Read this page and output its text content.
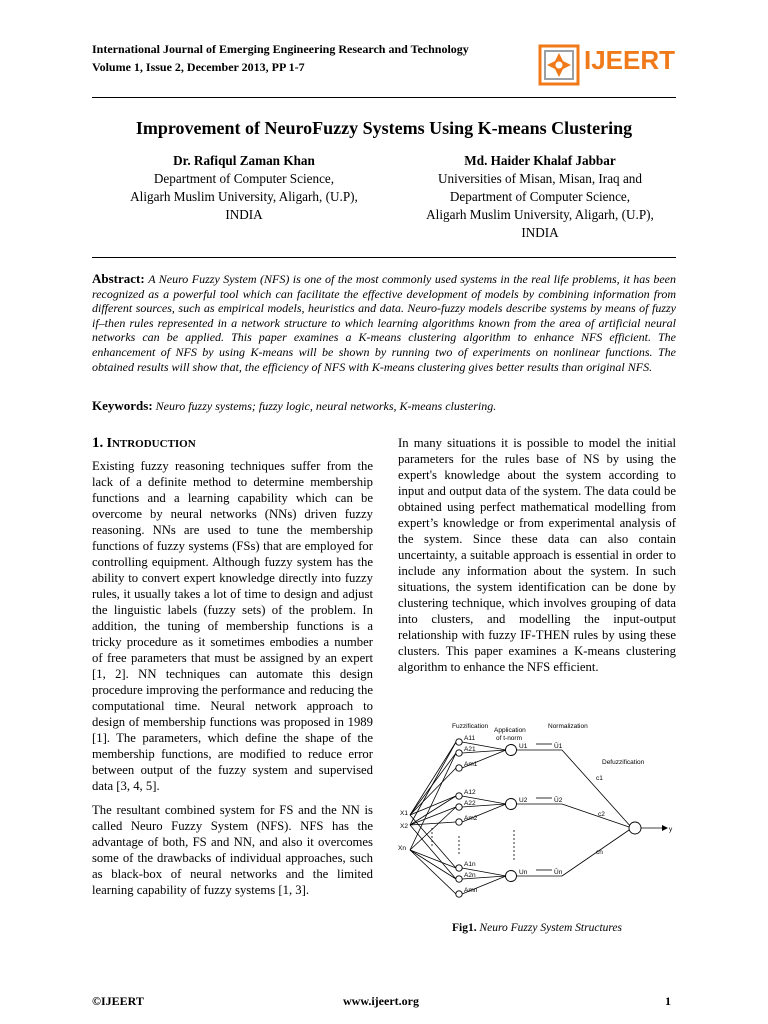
International Journal of Emerging Engineering Research and Technology
Volume 1, Issue 2, December 2013, PP 1-7	IJEERT
Improvement of NeuroFuzzy Systems Using K-means Clustering
Dr. Rafiqul Zaman Khan
Department of Computer Science,
Aligarh Muslim University, Aligarh, (U.P),
INDIA
Md. Haider Khalaf Jabbar
Universities of Misan, Misan, Iraq and
Department of Computer Science,
Aligarh Muslim University, Aligarh, (U.P),
INDIA
Abstract: A Neuro Fuzzy System (NFS) is one of the most commonly used systems in the real life problems, it has been recognized as a powerful tool which can facilitate the effective development of models by combining information from different sources, such as empirical models, heuristics and data. Neuro-fuzzy models describe systems by means of fuzzy if–then rules represented in a network structure to which learning algorithms known from the area of artificial neural networks can be applied. This paper examines a K-means clustering algorithm to enhance NFS efficient. The enhancement of NFS by using K-means will be shown by running two of experiments on nonlinear functions. The obtained results will show that, the efficiency of NFS with K-means clustering gives better results than original NFS.
Keywords: Neuro fuzzy systems; fuzzy logic, neural networks, K-means clustering.
1. INTRODUCTION

Existing fuzzy reasoning techniques suffer from the lack of a definite method to determine membership functions and a learning capability which can be overcome by neural networks (NNs) driven fuzzy reasoning. NNs are used to tune the membership functions of fuzzy systems (FSs) that are employed for controlling equipment. Although fuzzy system has the ability to convert expert knowledge directly into fuzzy rules, it usually takes a lot of time to design and adjust the linguistic labels (fuzzy sets) of the problem. In addition, the tuning of membership functions is a tricky procedure as it sometimes embodies a number of free parameters that must be assigned by an expert [1, 2]. NN techniques can automate this design procedure improving the performance and reducing the computational time. Neural network approach to design of membership functions was proposed in 1989 [1]. The parameters, which define the shape of the membership functions, are modified to reduce error between output of the fuzzy system and supervised data [3, 4, 5].

The resultant combined system for FS and the NN is called Neuro Fuzzy System (NFS). NFS has the advantage of both, FS and NN, and also it overcomes some of the drawbacks of individual approaches, such as black-box of neural networks and the limited learning capability of fuzzy systems [1, 3].

In many situations it is possible to model the initial parameters for the rules base of NS by using the expert's knowledge about the system according to input and output data of the system. The data could be obtained using perfect mathematical modelling from expert’s knowledge or from experimental analysis of the system. Since these data can also contain uncertainty, a suitable approach is essential in order to include any information about the system. In such situations, the system identification can be done by clustering technique, which involves grouping of data into clusters, and modelling the input-output relationship with fuzzy IF-THEN rules by using these clusters. This paper examines a K-means clustering algorithm to enhance the NFS efficient.

Fuzzification
Application
of t-norm
Normalization
Defuzzification
y
X1
X2
Xn
A11
A21
Am1
A12
A22
Am2
A1n
A2n
Amn
U1
U2
Un
Ū1
Ū2
Ūn
c1
c2
cn
Fig1. Neuro Fuzzy System Structures
©IJEERT	www.ijeert.org	1
